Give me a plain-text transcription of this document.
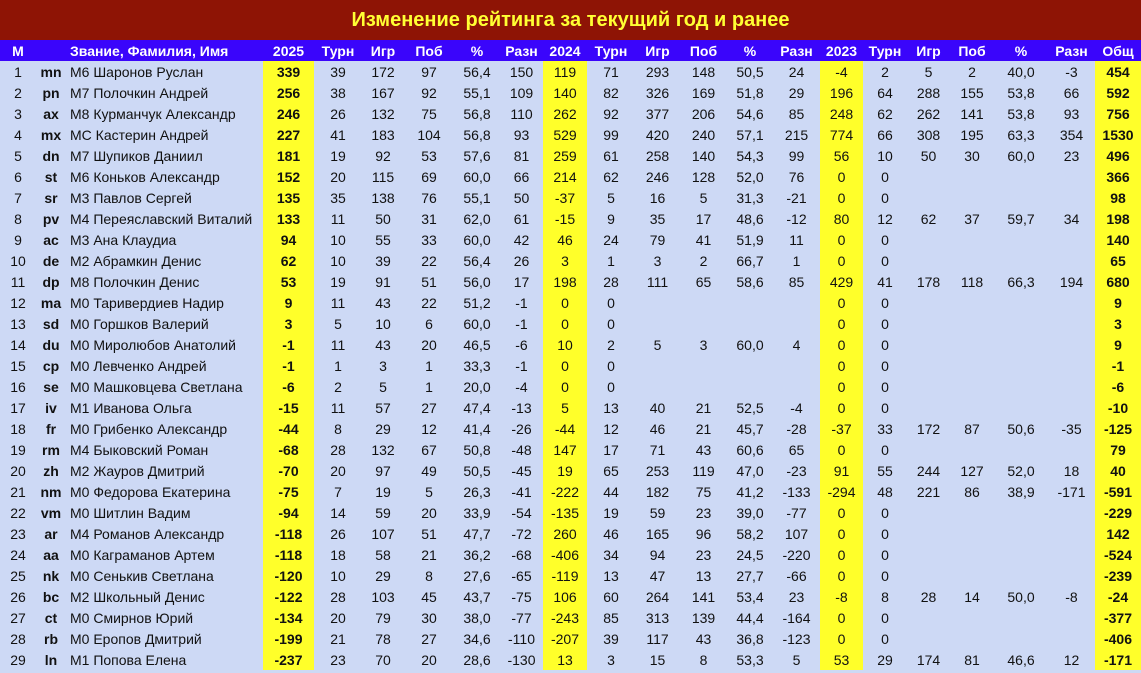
Изменение рейтинга за текущий год и ранее
М		Звание, Фамилия, Имя	2025	Турн	Игр	Поб	%	Разн	2024	Турн	Игр	Поб	%	Разн	2023	Турн	Игр	Поб	%	Разн	Общ
1	mn	М6 Шаронов Руслан	339	39	172	97	56,4	150	119	71	293	148	50,5	24	-4	2	5	2	40,0	-3	454
2	pn	М7 Полочкин Андрей	256	38	167	92	55,1	109	140	82	326	169	51,8	29	196	64	288	155	53,8	66	592
3	ax	М8 Курманчук Александр	246	26	132	75	56,8	110	262	92	377	206	54,6	85	248	62	262	141	53,8	93	756
4	mx	МС Кастерин Андрей	227	41	183	104	56,8	93	529	99	420	240	57,1	215	774	66	308	195	63,3	354	1530
5	dn	М7 Шупиков Даниил	181	19	92	53	57,6	81	259	61	258	140	54,3	99	56	10	50	30	60,0	23	496
6	st	М6 Коньков Александр	152	20	115	69	60,0	66	214	62	246	128	52,0	76	0	0					366
7	sr	М3 Павлов Сергей	135	35	138	76	55,1	50	-37	5	16	5	31,3	-21	0	0					98
8	pv	М4 Переяславский Виталий	133	11	50	31	62,0	61	-15	9	35	17	48,6	-12	80	12	62	37	59,7	34	198
9	ac	М3 Ана Клаудиа	94	10	55	33	60,0	42	46	24	79	41	51,9	11	0	0					140
10	de	М2 Абрамкин Денис	62	10	39	22	56,4	26	3	1	3	2	66,7	1	0	0					65
11	dp	М8 Полочкин Денис	53	19	91	51	56,0	17	198	28	111	65	58,6	85	429	41	178	118	66,3	194	680
12	ma	М0 Таривердиев Надир	9	11	43	22	51,2	-1	0	0					0	0					9
13	sd	М0 Горшков Валерий	3	5	10	6	60,0	-1	0	0					0	0					3
14	du	М0 Миролюбов Анатолий	-1	11	43	20	46,5	-6	10	2	5	3	60,0	4	0	0					9
15	cp	М0 Левченко Андрей	-1	1	3	1	33,3	-1	0	0					0	0					-1
16	se	М0 Машковцева Светлана	-6	2	5	1	20,0	-4	0	0					0	0					-6
17	iv	М1 Иванова Ольга	-15	11	57	27	47,4	-13	5	13	40	21	52,5	-4	0	0					-10
18	fr	М0 Грибенко Александр	-44	8	29	12	41,4	-26	-44	12	46	21	45,7	-28	-37	33	172	87	50,6	-35	-125
19	rm	М4 Быковский Роман	-68	28	132	67	50,8	-48	147	17	71	43	60,6	65	0	0					79
20	zh	М2 Жауров Дмитрий	-70	20	97	49	50,5	-45	19	65	253	119	47,0	-23	91	55	244	127	52,0	18	40
21	nm	М0 Федорова Екатерина	-75	7	19	5	26,3	-41	-222	44	182	75	41,2	-133	-294	48	221	86	38,9	-171	-591
22	vm	М0 Шитлин Вадим	-94	14	59	20	33,9	-54	-135	19	59	23	39,0	-77	0	0					-229
23	ar	М4 Романов Александр	-118	26	107	51	47,7	-72	260	46	165	96	58,2	107	0	0					142
24	aa	М0 Каграманов Артем	-118	18	58	21	36,2	-68	-406	34	94	23	24,5	-220	0	0					-524
25	nk	М0 Сенькив Светлана	-120	10	29	8	27,6	-65	-119	13	47	13	27,7	-66	0	0					-239
26	bc	М2 Школьный Денис	-122	28	103	45	43,7	-75	106	60	264	141	53,4	23	-8	8	28	14	50,0	-8	-24
27	ct	М0 Смирнов Юрий	-134	20	79	30	38,0	-77	-243	85	313	139	44,4	-164	0	0					-377
28	rb	М0 Еропов Дмитрий	-199	21	78	27	34,6	-110	-207	39	117	43	36,8	-123	0	0					-406
29	ln	М1 Попова Елена	-237	23	70	20	28,6	-130	13	3	15	8	53,3	5	53	29	174	81	46,6	12	-171
